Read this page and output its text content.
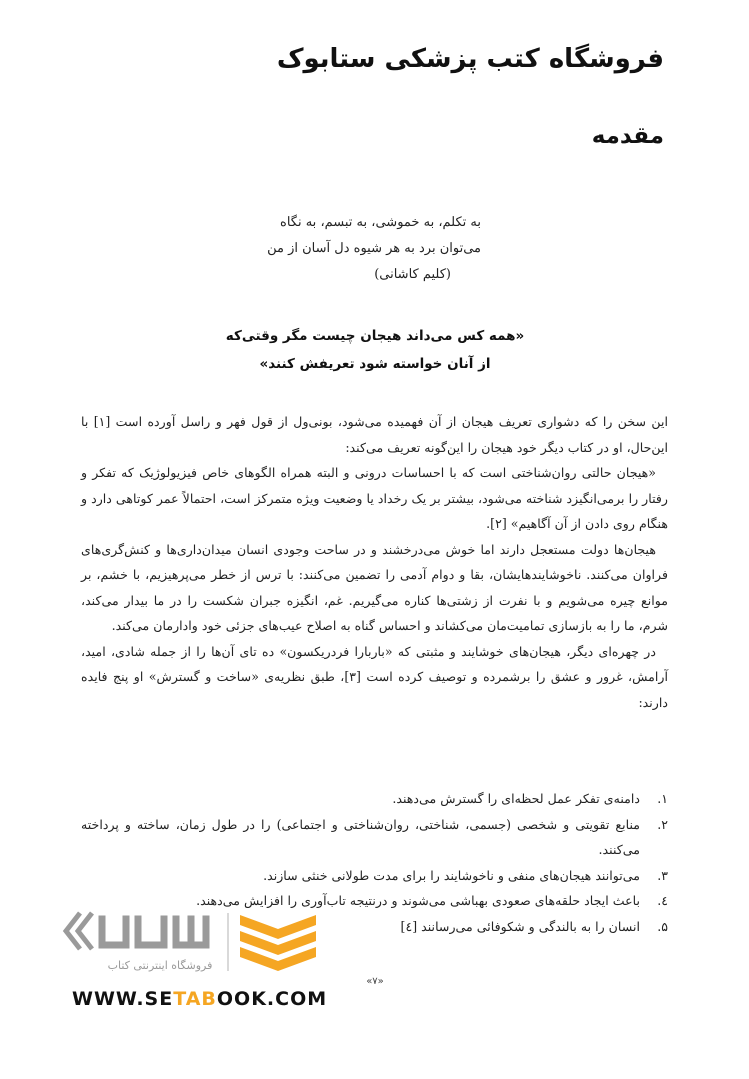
فروشگاه کتب پزشکی ستابوک
مقدمه
به تکلم، به خموشی، به تبسم، به نگاه
می‌توان برد به هر شیوه دل آسان از من
(کلیم کاشانی)
«همه کس می‌داند هیجان چیست مگر وقتی‌که
از آنان خواسته شود تعریفش کنند»

این سخن را که دشواری تعریف هیجان از آن فهمیده می‌شود، بونی‌ول از قول فهر و راسل آورده است [۱] با این‌حال، او در کتاب دیگر خود هیجان را این‌گونه تعریف می‌کند:

«هیجان حالتی روان‌شناختی است که با احساسات درونی و البته همراه الگوهای خاص فیزیولوژیک که تفکر و رفتار را برمی‌انگیزد شناخته می‌شود، بیشتر بر یک رخداد یا وضعیت ویژه متمرکز است، احتمالاً عمر کوتاهی دارد و هنگام روی دادن از آن آگاهیم» [۲].

هیجان‌ها دولت مستعجل دارند اما خوش می‌درخشند و در ساحت وجودی انسان میدان‌داری‌ها و کنش‌گری‌های فراوان می‌کنند. ناخوشایندهایشان، بقا و دوام آدمی را تضمین می‌کنند: با ترس از خطر می‌پرهیزیم، با خشم، بر موانع چیره می‌شویم و با نفرت از زشتی‌ها کناره می‌گیریم. غم، انگیزه جبران شکست را در ما بیدار می‌کند، شرم، ما را به بازسازی تمامیت‌مان می‌کشاند و احساس گناه به اصلاح عیب‌های جزئی خود وادارمان می‌کند.

در چهره‌ای دیگر، هیجان‌های خوشایند و مثبتی که «باربارا فردریکسون» ده تای آن‌ها را از جمله شادی، امید، آرامش، غرور و عشق را برشمرده و توصیف کرده است [۳]، طبق نظریه‌ی «ساخت و گسترش» او پنج فایده دارند:

۱.
دامنه‌ی تفکر عمل لحظه‌ای را گسترش می‌دهند.
۲.
منابع تقویتی و شخصی (جسمی، شناختی، روان‌شناختی و اجتماعی) را در طول زمان، ساخته و پرداخته می‌کنند.
۳.
می‌توانند هیجان‌های منفی و ناخوشایند را برای مدت طولانی خنثی سازند.
٤.
باعث ایجاد حلقه‌های صعودی بهباشی می‌شوند و درنتیجه تاب‌آوری را افزایش می‌دهند.
۵.
انسان را به بالندگی و شکوفائی می‌رسانند [٤]
«۷»
فروشگاه اینترنتی کتاب
WWW.SETABOOK.COM
